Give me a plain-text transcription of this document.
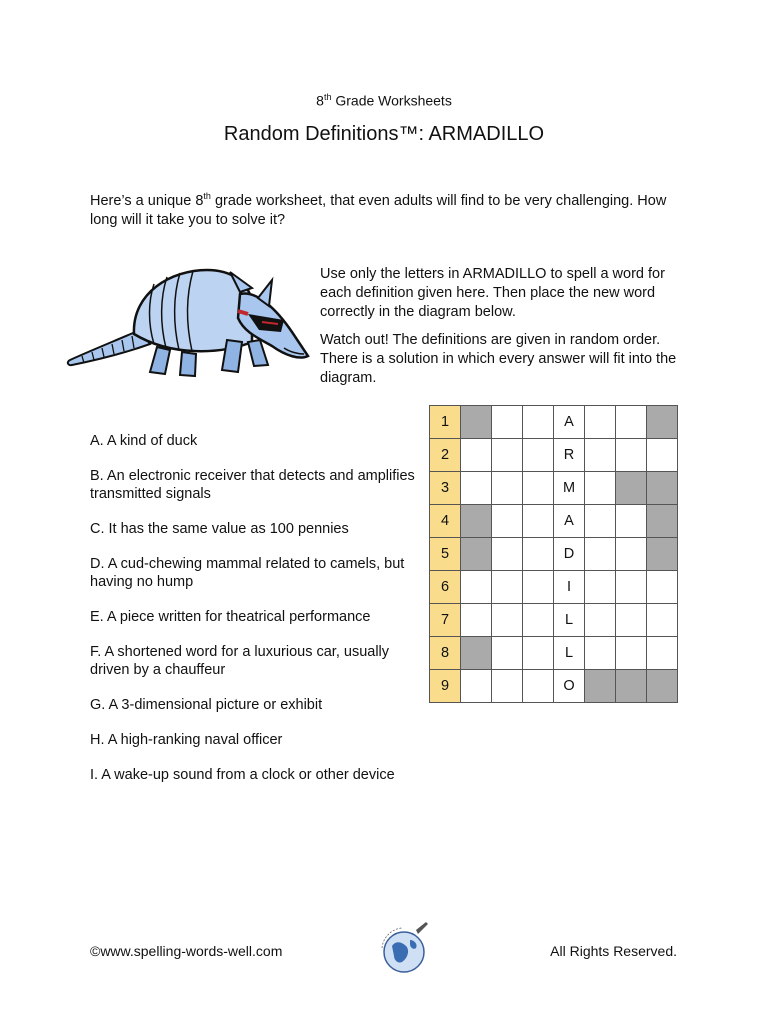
8th Grade Worksheets
Random Definitions™: ARMADILLO
Here’s a unique 8th grade worksheet, that even adults will find to be very challenging. How long will it take you to solve it?

Use only the letters in ARMADILLO to spell a word for each definition given here. Then place the new word correctly in the diagram below.

Watch out! The definitions are given in random order. There is a solution in which every answer will fit into the diagram.

A. A kind of duck
B. An electronic receiver that detects and amplifies transmitted signals
C. It has the same value as 100 pennies
D. A cud-chewing mammal related to camels, but having no hump
E. A piece written for theatrical performance
F. A shortened word for a luxurious car, usually driven by a chauffeur
G. A 3-dimensional picture or exhibit
H. A high-ranking naval officer
I. A wake-up sound from a clock or other device
1				A			
2				R			
3				M			
4				A			
5				D			
6				I			
7				L			
8				L			
9				O			
©www.spelling-words-well.com	All Rights Reserved.
